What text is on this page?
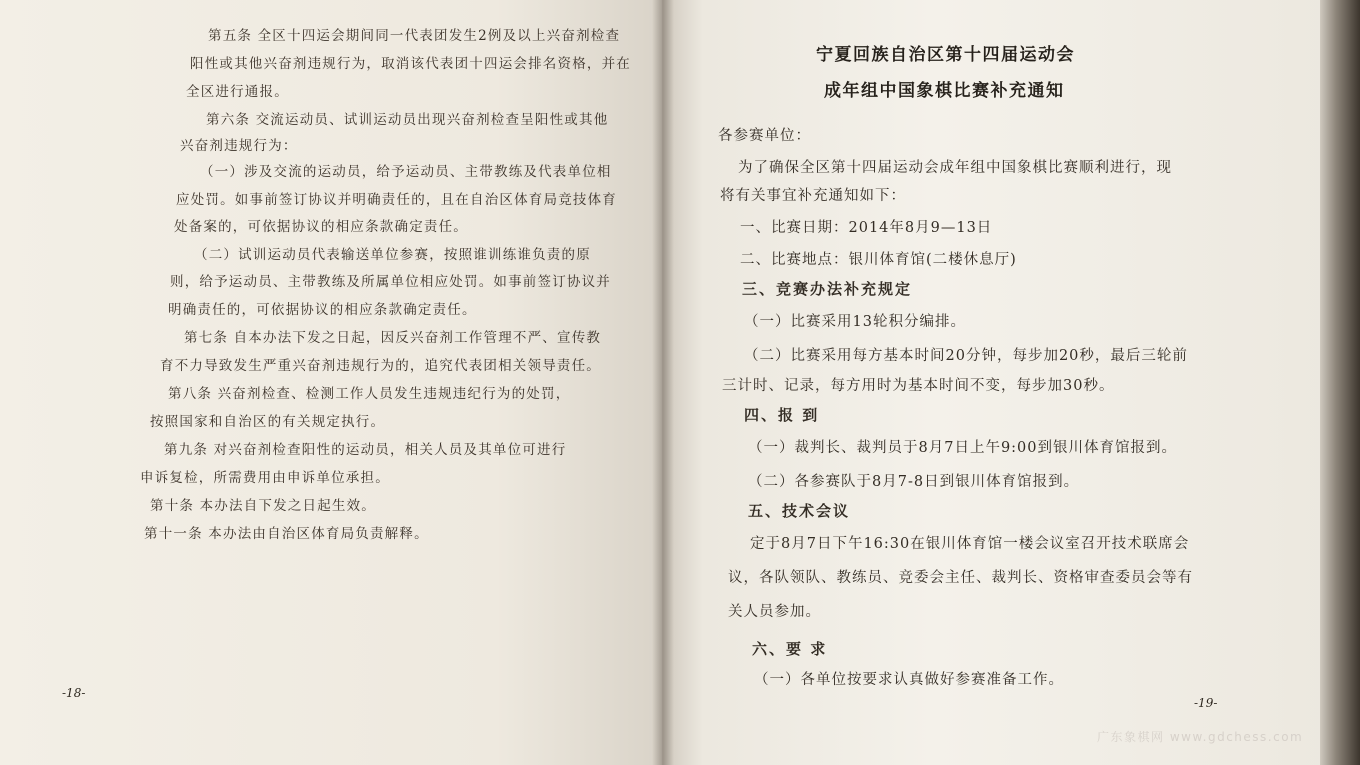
第五条 全区十四运会期间同一代表团发生2例及以上兴奋剂检查
阳性或其他兴奋剂违规行为，取消该代表团十四运会排名资格，并在
全区进行通报。
第六条 交流运动员、试训运动员出现兴奋剂检查呈阳性或其他
兴奋剂违规行为：
（一）涉及交流的运动员，给予运动员、主带教练及代表单位相
应处罚。如事前签订协议并明确责任的，且在自治区体育局竞技体育
处备案的，可依据协议的相应条款确定责任。
（二）试训运动员代表输送单位参赛，按照谁训练谁负责的原
则，给予运动员、主带教练及所属单位相应处罚。如事前签订协议并
明确责任的，可依据协议的相应条款确定责任。
第七条 自本办法下发之日起，因反兴奋剂工作管理不严、宣传教
育不力导致发生严重兴奋剂违规行为的，追究代表团相关领导责任。
第八条 兴奋剂检查、检测工作人员发生违规违纪行为的处罚，
按照国家和自治区的有关规定执行。
第九条 对兴奋剂检查阳性的运动员，相关人员及其单位可进行
申诉复检，所需费用由申诉单位承担。
第十条 本办法自下发之日起生效。
第十一条 本办法由自治区体育局负责解释。
-18-
宁夏回族自治区第十四届运动会
成年组中国象棋比赛补充通知
各参赛单位：
为了确保全区第十四届运动会成年组中国象棋比赛顺利进行，现
将有关事宜补充通知如下：
一、比赛日期：2014年8月9—13日
二、比赛地点：银川体育馆(二楼休息厅)
三、竞赛办法补充规定
（一）比赛采用13轮积分编排。
（二）比赛采用每方基本时间20分钟，每步加20秒，最后三轮前
三计时、记录，每方用时为基本时间不变，每步加30秒。
四、报 到
（一）裁判长、裁判员于8月7日上午9:00到银川体育馆报到。
（二）各参赛队于8月7-8日到银川体育馆报到。
五、技术会议
定于8月7日下午16:30在银川体育馆一楼会议室召开技术联席会
议，各队领队、教练员、竞委会主任、裁判长、资格审查委员会等有
关人员参加。
六、要 求
（一）各单位按要求认真做好参赛准备工作。
-19-
广东象棋网 www.gdchess.com
